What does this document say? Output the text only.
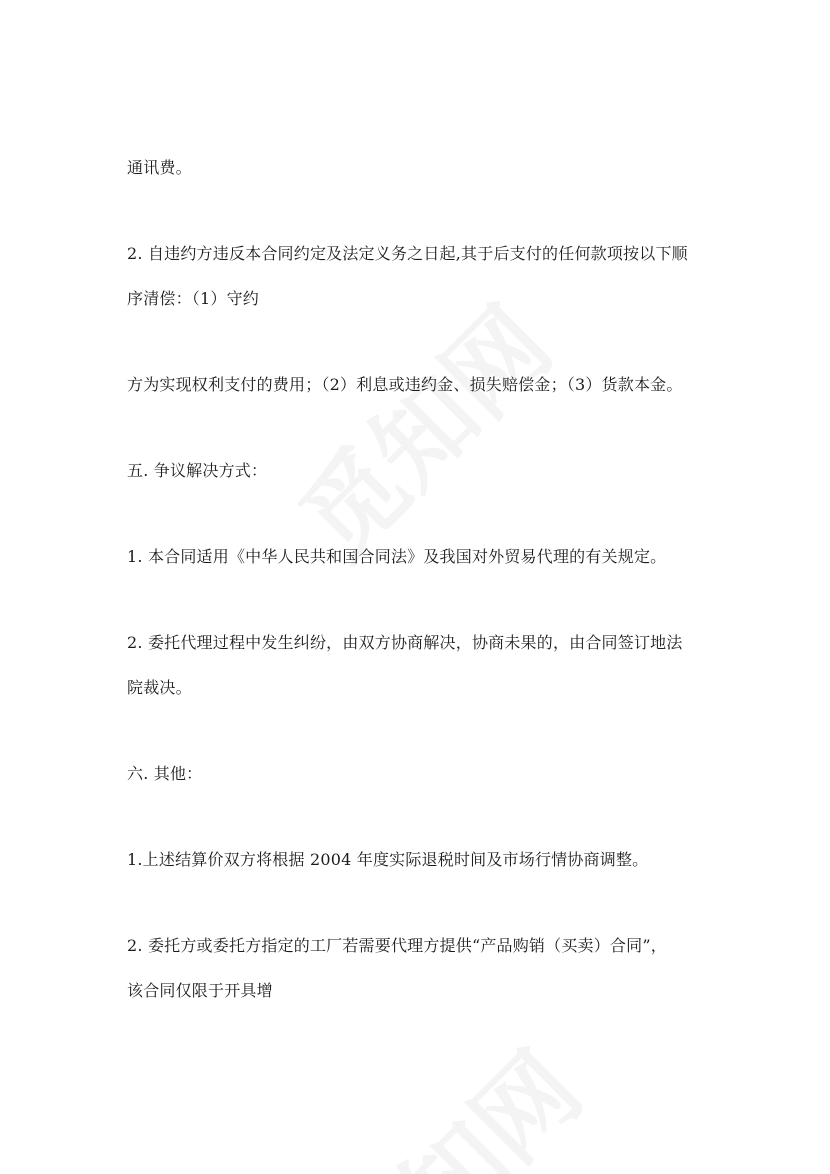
通讯费。
2. 自违约方违反本合同约定及法定义务之日起,其于后支付的任何款项按以下顺
序清偿：（1）守约
方为实现权利支付的费用；（2）利息或违约金、损失赔偿金；（3）货款本金。
五. 争议解决方式：
1. 本合同适用《中华人民共和国合同法》及我国对外贸易代理的有关规定。
2. 委托代理过程中发生纠纷，由双方协商解决，协商未果的，由合同签订地法
院裁决。
六. 其他：
1.上述结算价双方将根据 2004 年度实际退税时间及市场行情协商调整。
2. 委托方或委托方指定的工厂若需要代理方提供“产品购销（买卖）合同”，
该合同仅限于开具增
